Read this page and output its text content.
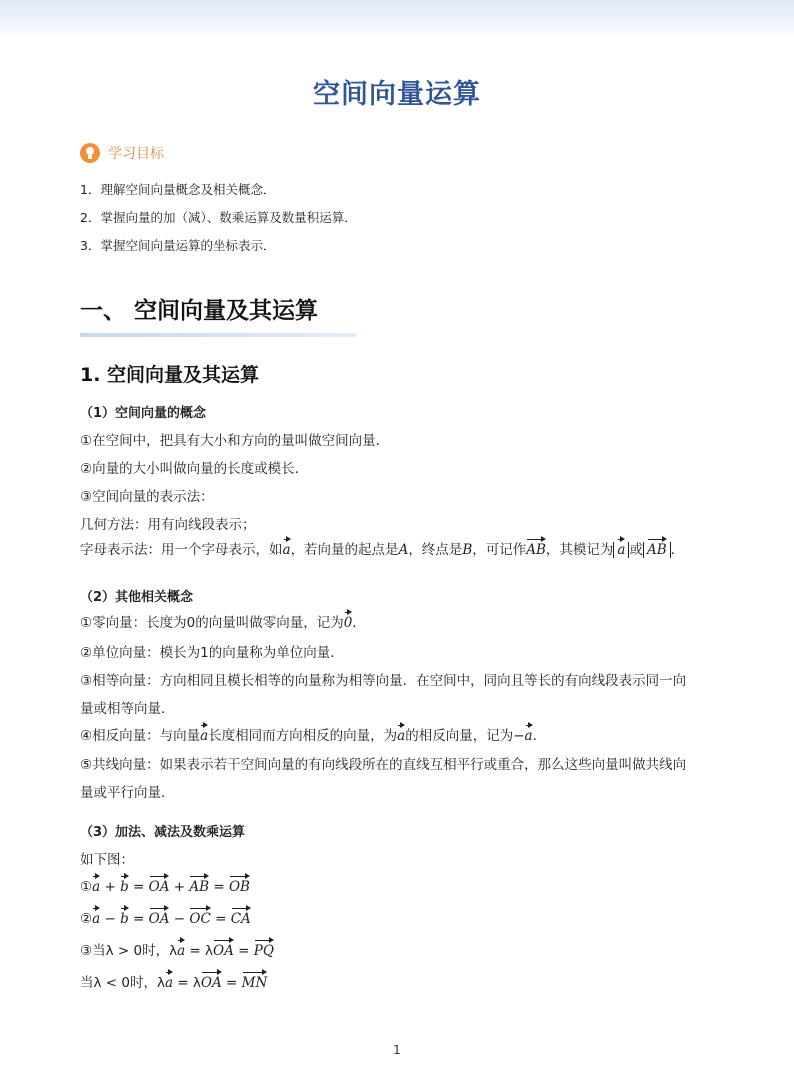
空间向量运算
学习目标
1．理解空间向量概念及相关概念．
2．掌握向量的加（减）、数乘运算及数量积运算．
3．掌握空间向量运算的坐标表示．
一、 空间向量及其运算
1. 空间向量及其运算
（1）空间向量的概念
①在空间中，把具有大小和方向的量叫做空间向量．
②向量的大小叫做向量的长度或模长．
③空间向量的表示法：
几何方法：用有向线段表示；
字母表示法：用一个字母表示，如a，若向量的起点是A，终点是B，可记作AB，其模记为 a 或 AB ．
（2）其他相关概念
①零向量：长度为0的向量叫做零向量，记为0．
②单位向量：模长为1的向量称为单位向量．
③相等向量：方向相同且模长相等的向量称为相等向量．在空间中，同向且等长的有向线段表示同一向
量或相等向量．
④相反向量：与向量a长度相同而方向相反的向量，为a的相反向量，记为−a．
⑤共线向量：如果表示若干空间向量的有向线段所在的直线互相平行或重合，那么这些向量叫做共线向
量或平行向量．
（3）加法、减法及数乘运算
如下图：
①a + b = OA + AB = OB
②a − b = OA − OC = CA
③当λ > 0时，λa = λOA = PQ
当λ < 0时，λa = λOA = MN
1
